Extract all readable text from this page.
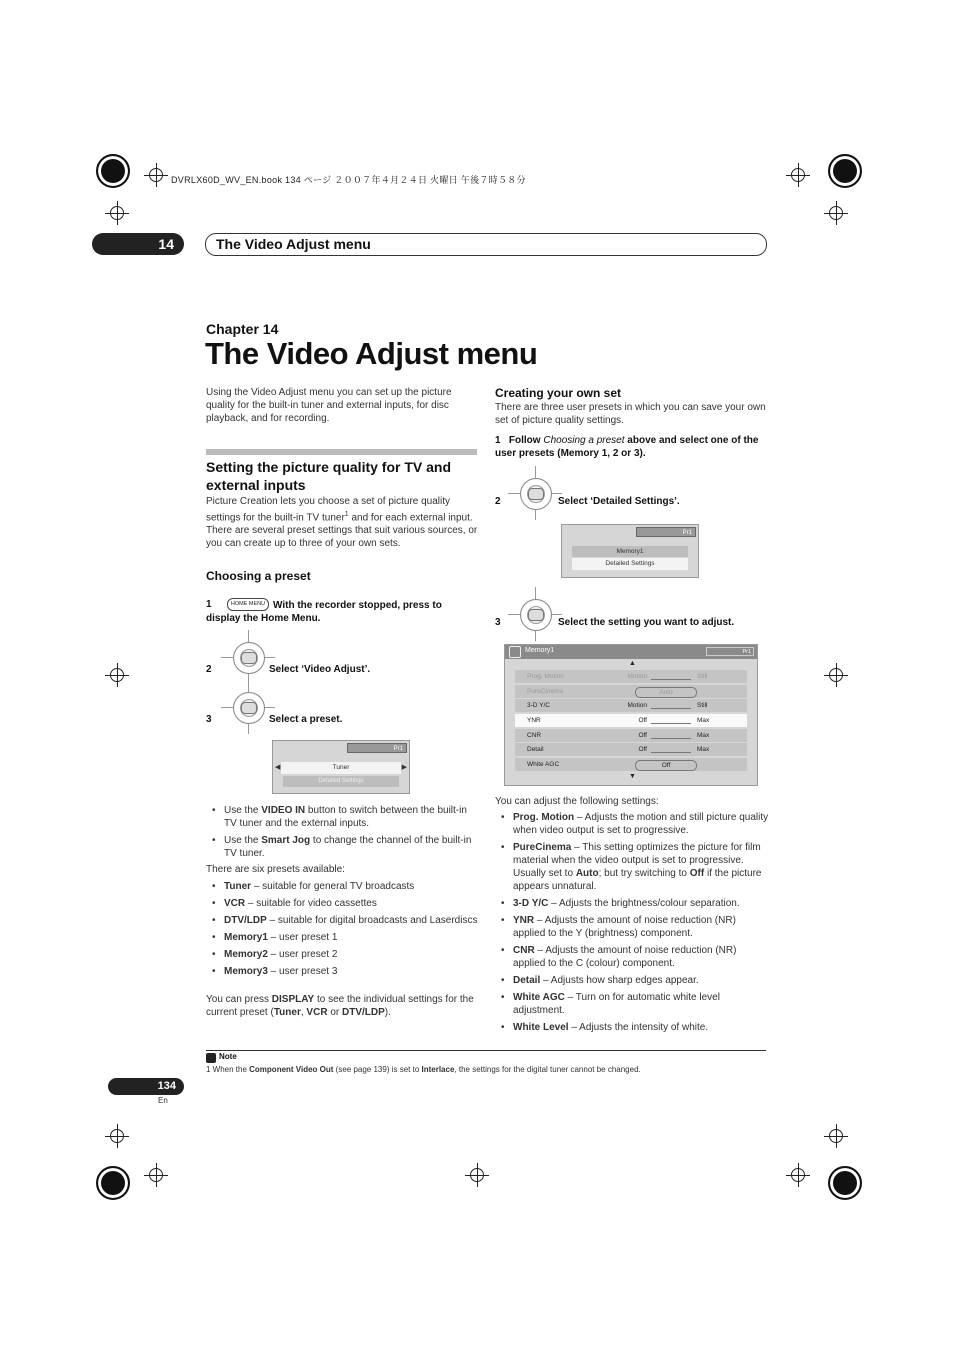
DVRLX60D_WV_EN.book 134 ページ ２００７年４月２４日 火曜日 午後７時５８分
14	The Video Adjust menu
Chapter 14
The Video Adjust menu
Using the Video Adjust menu you can set up the picture quality for the built-in tuner and external inputs, for disc playback, and for recording.
Setting the picture quality for TV and external inputs
Picture Creation lets you choose a set of picture quality settings for the built-in TV tuner$^1$ and for each external input. There are several preset settings that suit various sources, or you can create up to three of your own sets.
Choosing a preset
1	HOME MENU With the recorder stopped, press to display the Home Menu.
2	Select ‘Video Adjust’.
3	Select a preset.
Pr1
◀	Tuner	▶
Detailed Settings
• Use the VIDEO IN button to switch between the built-in TV tuner and the external inputs.
• Use the Smart Jog to change the channel of the built-in TV tuner.
There are six presets available:
• Tuner – suitable for general TV broadcasts
• VCR – suitable for video cassettes
• DTV/LDP – suitable for digital broadcasts and Laserdiscs
• Memory1 – user preset 1
• Memory2 – user preset 2
• Memory3 – user preset 3
You can press DISPLAY to see the individual settings for the current preset (Tuner, VCR or DTV/LDP).
Creating your own set
There are three user presets in which you can save your own set of picture quality settings.
1 Follow Choosing a preset above and select one of the user presets (Memory 1, 2 or 3).
2	Select ‘Detailed Settings’.
Pr1
Memory1
Detailed Settings
3	Select the setting you want to adjust.
Memory1	Pr1
▲
Prog. Motion	Motion	Still
PureCinema	Auto
3-D Y/C	Motion	Still
YNR	Off	Max
CNR	Off	Max
Detail	Off	Max
White AGC	Off
▼
You can adjust the following settings:
• Prog. Motion – Adjusts the motion and still picture quality when video output is set to progressive.
• PureCinema – This setting optimizes the picture for film material when the video output is set to progressive. Usually set to Auto; but try switching to Off if the picture appears unnatural.
• 3-D Y/C – Adjusts the brightness/colour separation.
• YNR – Adjusts the amount of noise reduction (NR) applied to the Y (brightness) component.
• CNR – Adjusts the amount of noise reduction (NR) applied to the C (colour) component.
• Detail – Adjusts how sharp edges appear.
• White AGC – Turn on for automatic white level adjustment.
• White Level – Adjusts the intensity of white.
Note
1 When the Component Video Out (see page 139) is set to Interlace, the settings for the digital tuner cannot be changed.
134
En
